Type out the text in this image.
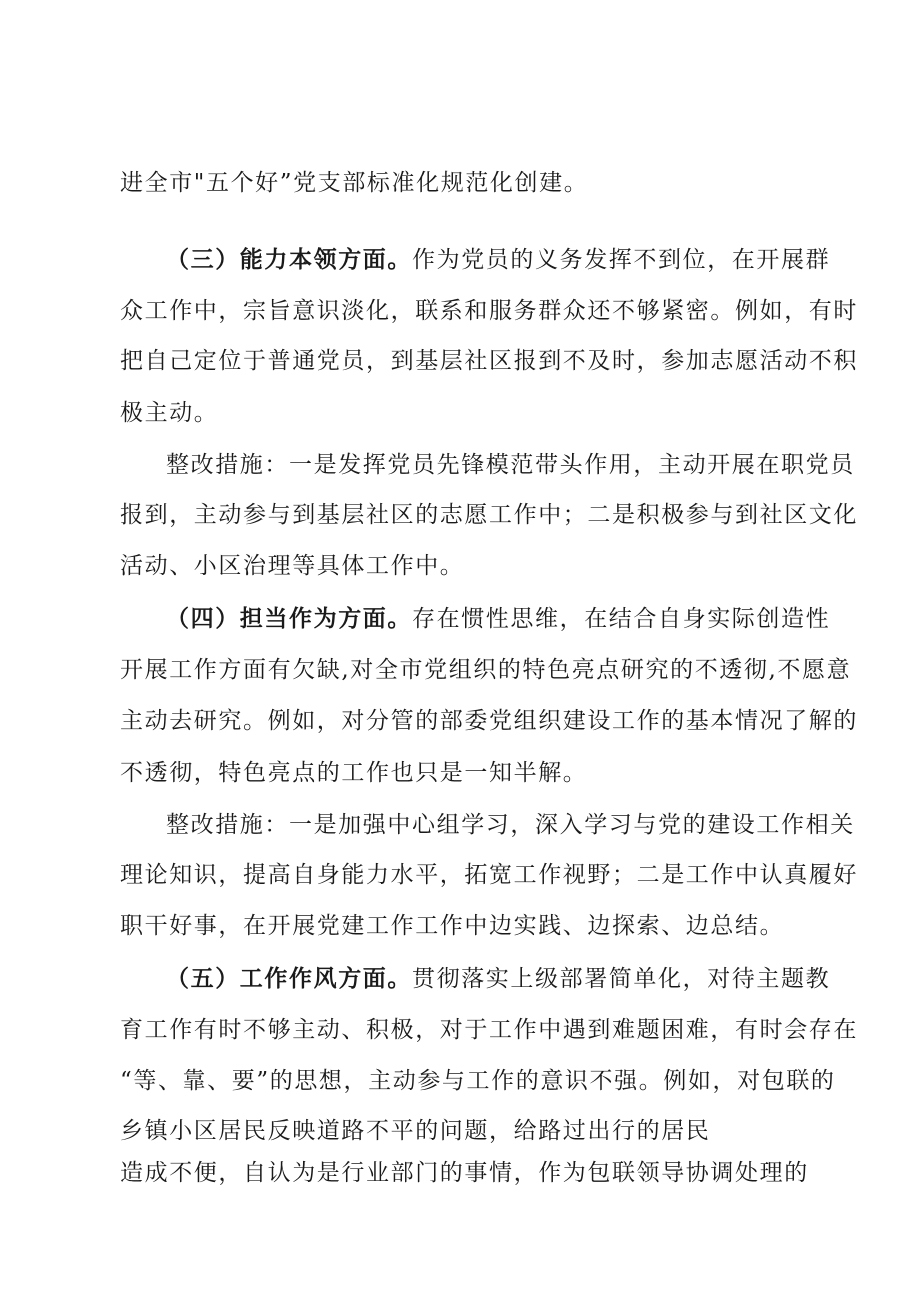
进全市"五个好”党支部标准化规范化创建。
（三）能力本领方面。作为党员的义务发挥不到位，在开展群
众工作中，宗旨意识淡化，联系和服务群众还不够紧密。例如，有时
把自己定位于普通党员，到基层社区报到不及时，参加志愿活动不积
极主动。
整改措施：一是发挥党员先锋模范带头作用，主动开展在职党员
报到，主动参与到基层社区的志愿工作中；二是积极参与到社区文化
活动、小区治理等具体工作中。
（四）担当作为方面。存在惯性思维，在结合自身实际创造性
开展工作方面有欠缺,对全市党组织的特色亮点研究的不透彻,不愿意
主动去研究。例如，对分管的部委党组织建设工作的基本情况了解的
不透彻，特色亮点的工作也只是一知半解。
整改措施：一是加强中心组学习，深入学习与党的建设工作相关
理论知识，提高自身能力水平，拓宽工作视野；二是工作中认真履好
职干好事，在开展党建工作工作中边实践、边探索、边总结。
（五）工作作风方面。贯彻落实上级部署简单化，对待主题教
育工作有时不够主动、积极，对于工作中遇到难题困难，有时会存在
“等、靠、要”的思想，主动参与工作的意识不强。例如，对包联的
乡镇小区居民反映道路不平的问题，给路过出行的居民
造成不便，自认为是行业部门的事情，作为包联领导协调处理的
